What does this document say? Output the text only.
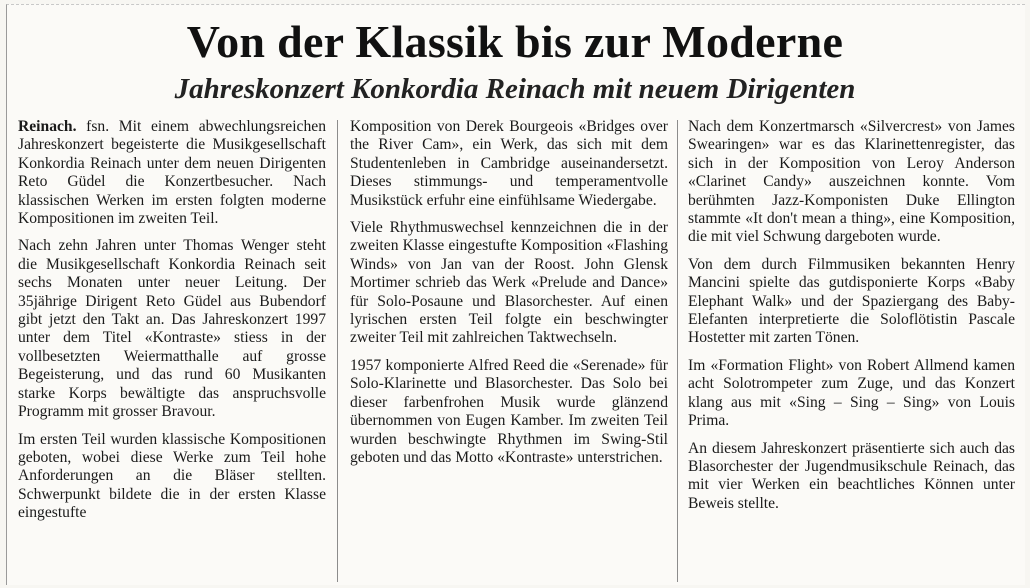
Von der Klassik bis zur Moderne
Jahreskonzert Konkordia Reinach mit neuem Dirigenten

Reinach. fsn. Mit einem abwechlungsreichen Jahreskonzert begeisterte die Musikgesellschaft Konkordia Reinach unter dem neuen Dirigenten Reto Güdel die Konzertbesucher. Nach klassischen Werken im ersten folgten moderne Kompositionen im zweiten Teil.

Nach zehn Jahren unter Thomas Wenger steht die Musikgesellschaft Konkordia Reinach seit sechs Monaten unter neuer Leitung. Der 35jährige Dirigent Reto Güdel aus Bubendorf gibt jetzt den Takt an. Das Jahreskonzert 1997 unter dem Titel «Kontraste» stiess in der vollbesetzten Weiermatthalle auf grosse Begeisterung, und das rund 60 Musikanten starke Korps bewältigte das anspruchsvolle Programm mit grosser Bravour.

Im ersten Teil wurden klassische Kompositionen geboten, wobei diese Werke zum Teil hohe Anforderungen an die Bläser stellten. Schwerpunkt bildete die in der ersten Klasse eingestufte

Komposition von Derek Bourgeois «Bridges over the River Cam», ein Werk, das sich mit dem Studentenleben in Cambridge auseinandersetzt. Dieses stimmungs- und temperamentvolle Musikstück erfuhr eine einfühlsame Wiedergabe.

Viele Rhythmuswechsel kennzeichnen die in der zweiten Klasse eingestufte Komposition «Flashing Winds» von Jan van der Roost. John Glensk Mortimer schrieb das Werk «Prelude and Dance» für Solo-Posaune und Blasorchester. Auf einen lyrischen ersten Teil folgte ein beschwingter zweiter Teil mit zahlreichen Taktwechseln.

1957 komponierte Alfred Reed die «Serenade» für Solo-Klarinette und Blasorchester. Das Solo bei dieser farbenfrohen Musik wurde glänzend übernommen von Eugen Kamber. Im zweiten Teil wurden beschwingte Rhythmen im Swing-Stil geboten und das Motto «Kontraste» unterstrichen.

Nach dem Konzertmarsch «Silvercrest» von James Swearingen» war es das Klarinettenregister, das sich in der Komposition von Leroy Anderson «Clarinet Candy» auszeichnen konnte. Vom berühmten Jazz-Komponisten Duke Ellington stammte «It don't mean a thing», eine Komposition, die mit viel Schwung dargeboten wurde.

Von dem durch Filmmusiken bekannten Henry Mancini spielte das gutdisponierte Korps «Baby Elephant Walk» und der Spaziergang des Baby-Elefanten interpretierte die Soloflötistin Pascale Hostetter mit zarten Tönen.

Im «Formation Flight» von Robert Allmend kamen acht Solotrompeter zum Zuge, und das Konzert klang aus mit «Sing – Sing – Sing» von Louis Prima.

An diesem Jahreskonzert präsentierte sich auch das Blasorchester der Jugendmusikschule Reinach, das mit vier Werken ein beachtliches Können unter Beweis stellte.
